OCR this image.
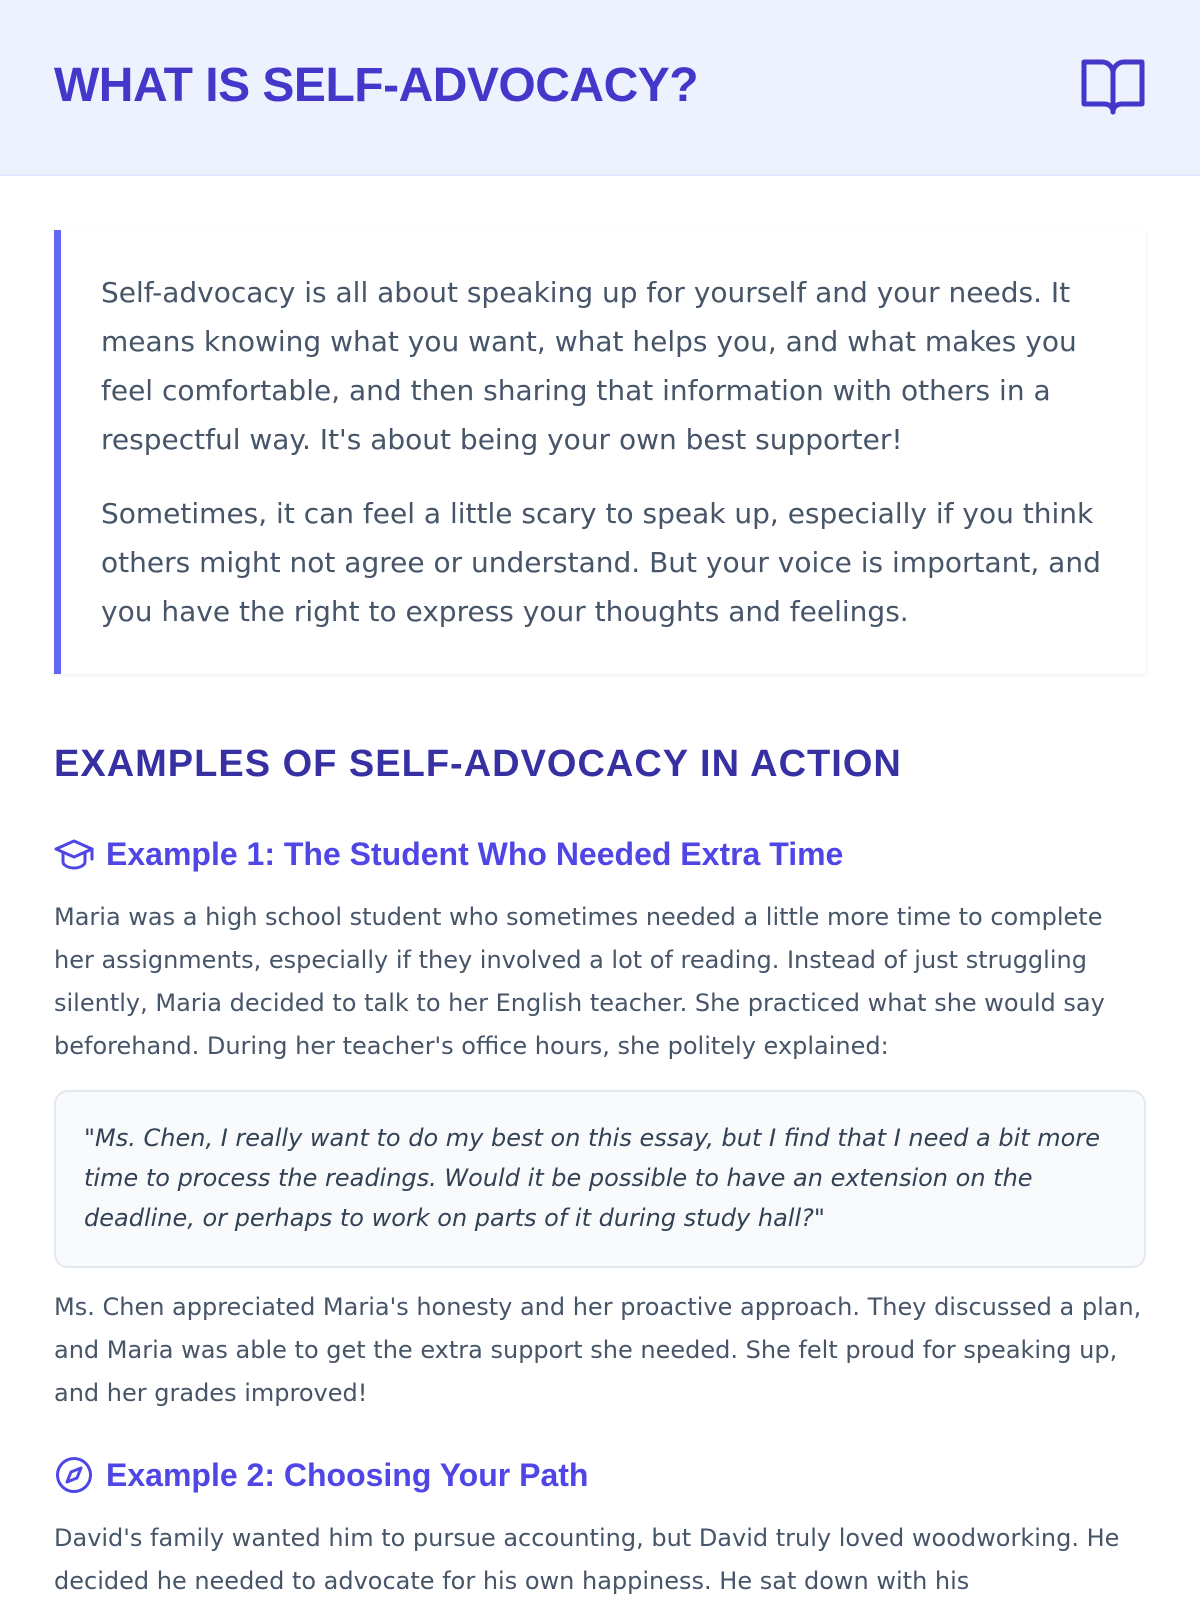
WHAT IS SELF-ADVOCACY?

Self-advocacy is all about speaking up for yourself and your needs. It means knowing what you want, what helps you, and what makes you feel comfortable, and then sharing that information with others in a respectful way. It's about being your own best supporter!

Sometimes, it can feel a little scary to speak up, especially if you think others might not agree or understand. But your voice is important, and you have the right to express your thoughts and feelings.

EXAMPLES OF SELF-ADVOCACY IN ACTION
Example 1: The Student Who Needed Extra Time

Maria was a high school student who sometimes needed a little more time to complete her assignments, especially if they involved a lot of reading. Instead of just struggling silently, Maria decided to talk to her English teacher. She practiced what she would say beforehand. During her teacher's office hours, she politely explained:

"Ms. Chen, I really want to do my best on this essay, but I find that I need a bit more time to process the readings. Would it be possible to have an extension on the deadline, or perhaps to work on parts of it during study hall?"

Ms. Chen appreciated Maria's honesty and her proactive approach. They discussed a plan, and Maria was able to get the extra support she needed. She felt proud for speaking up, and her grades improved!

Example 2: Choosing Your Path

David's family wanted him to pursue accounting, but David truly loved woodworking. He decided he needed to advocate for his own happiness. He sat down with his
